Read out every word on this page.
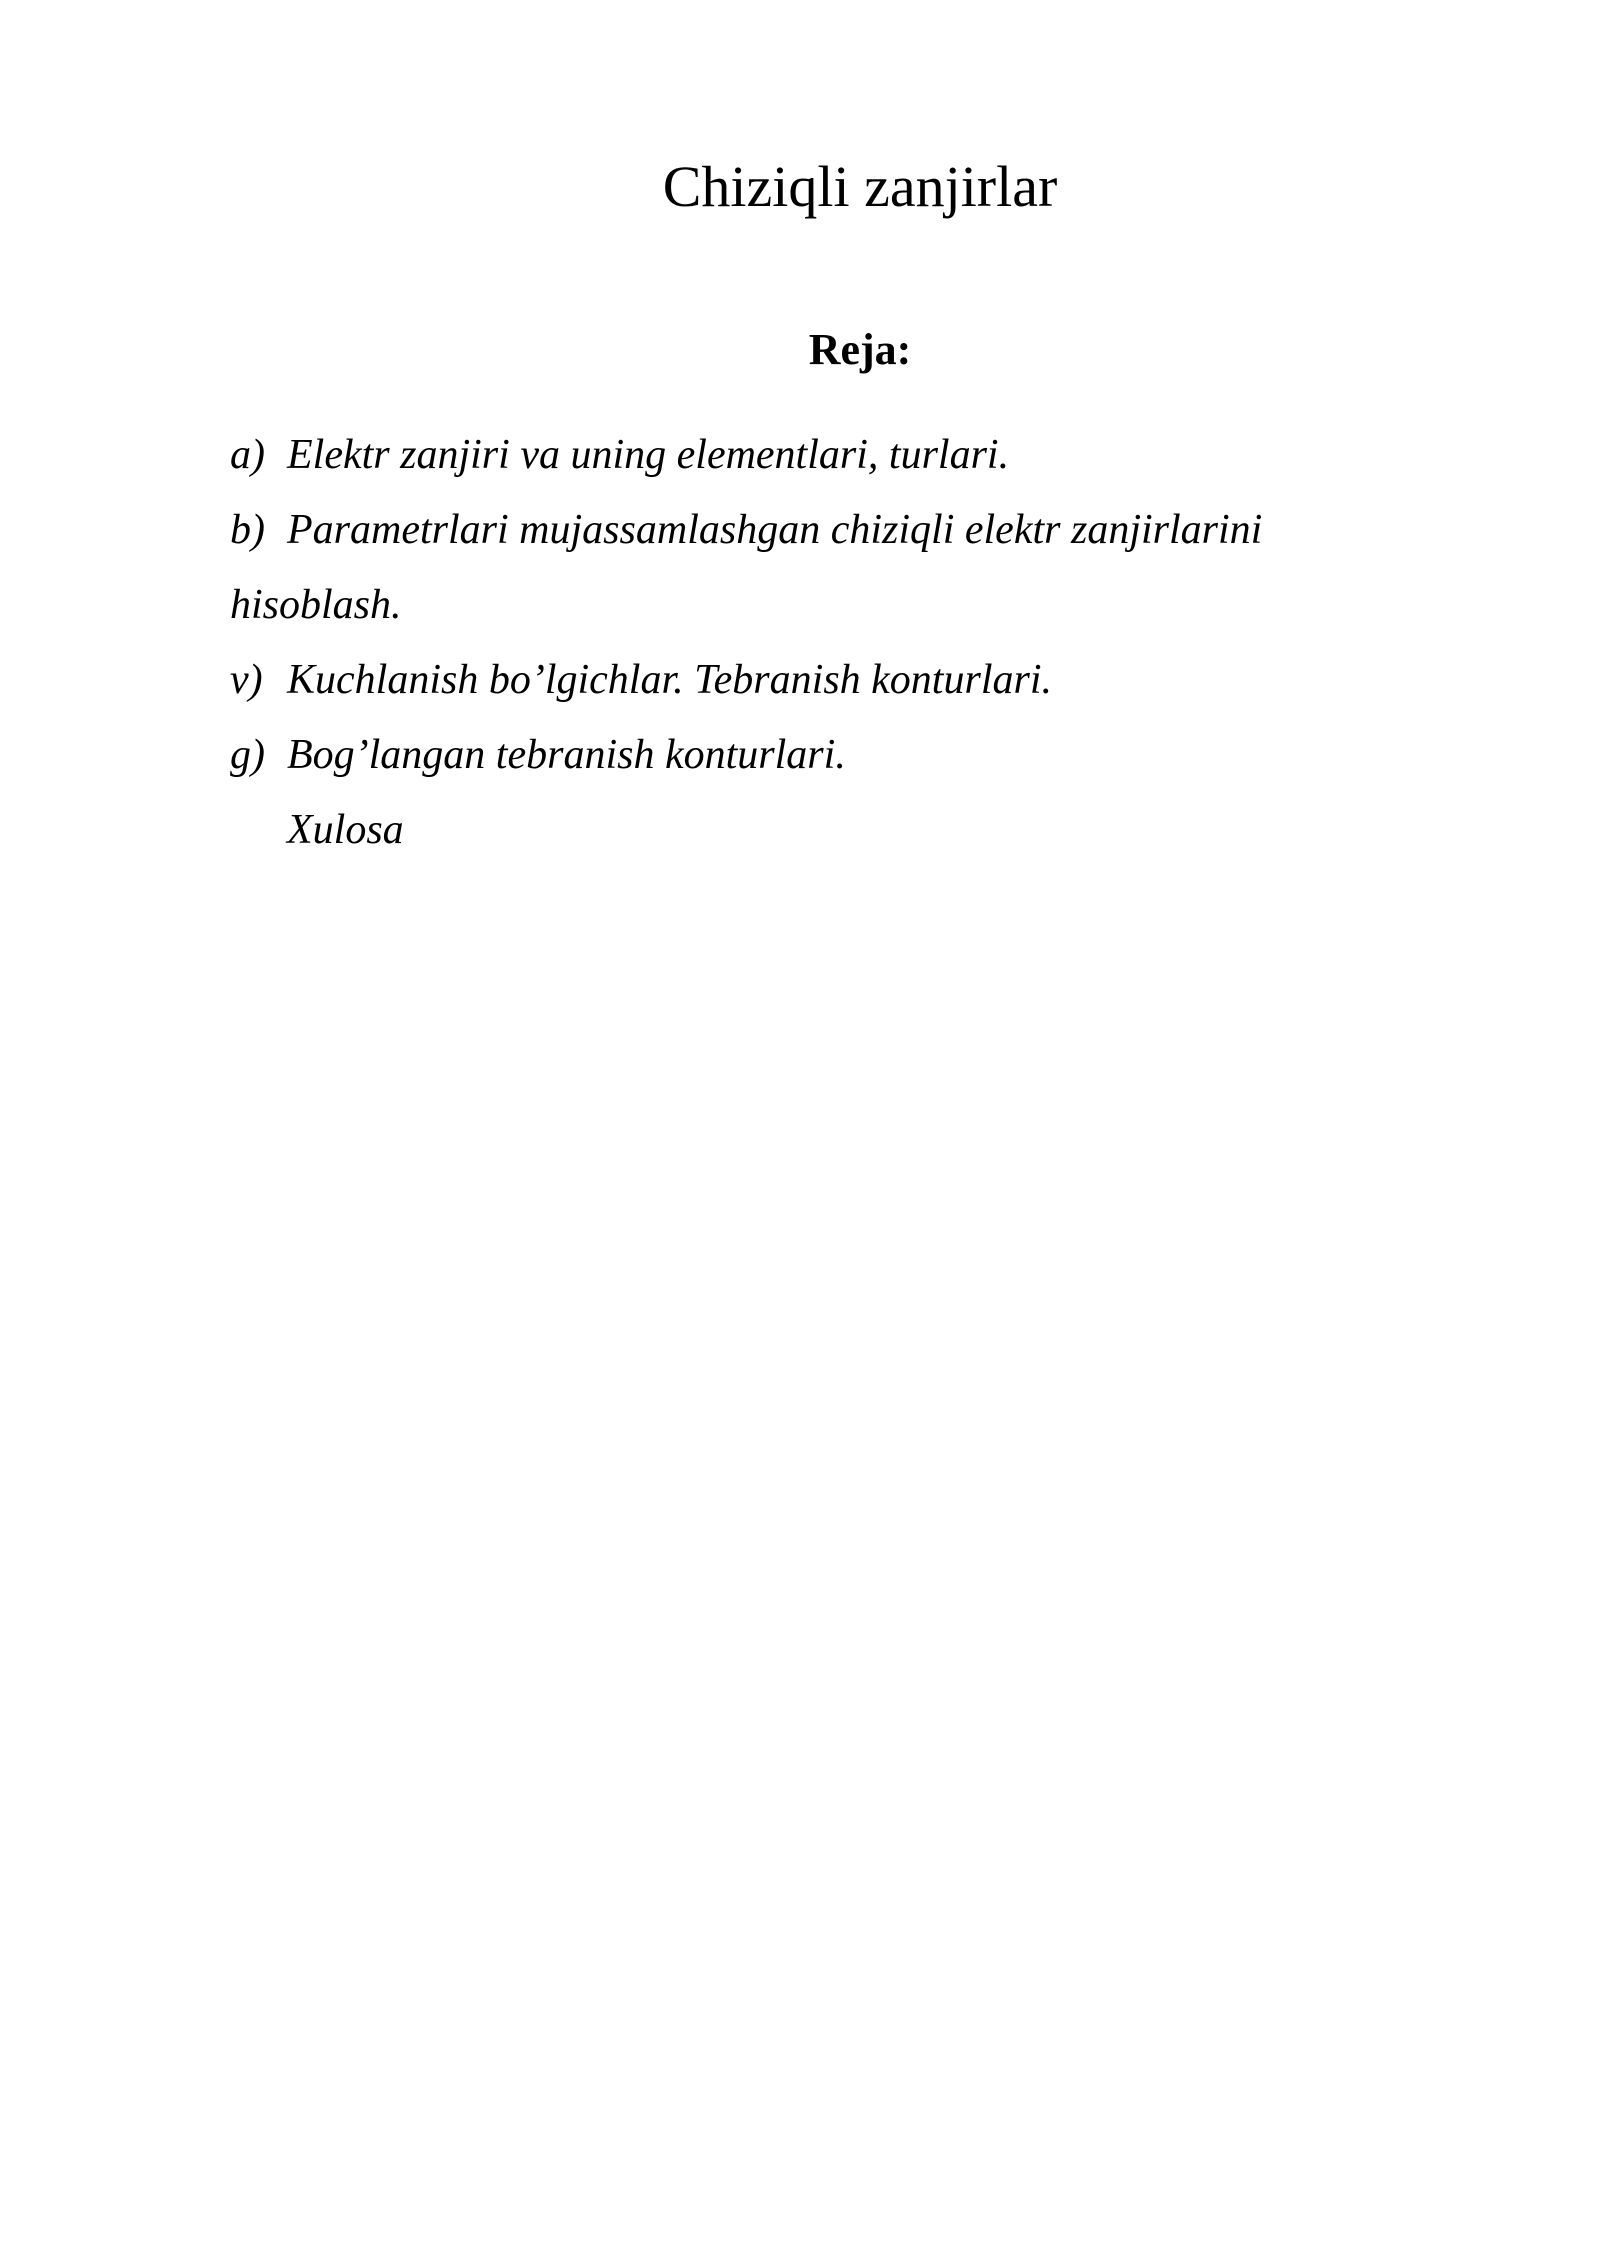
Chiziqli zanjirlar
Reja:
a) Elektr zanjiri va uning elementlari, turlari.
b) Parametrlari mujassamlashgan chiziqli elektr zanjirlarini
hisoblash.
v) Kuchlanish bo’lgichlar. Tebranish konturlari.
g) Bog’langan tebranish konturlari.
Xulosa
